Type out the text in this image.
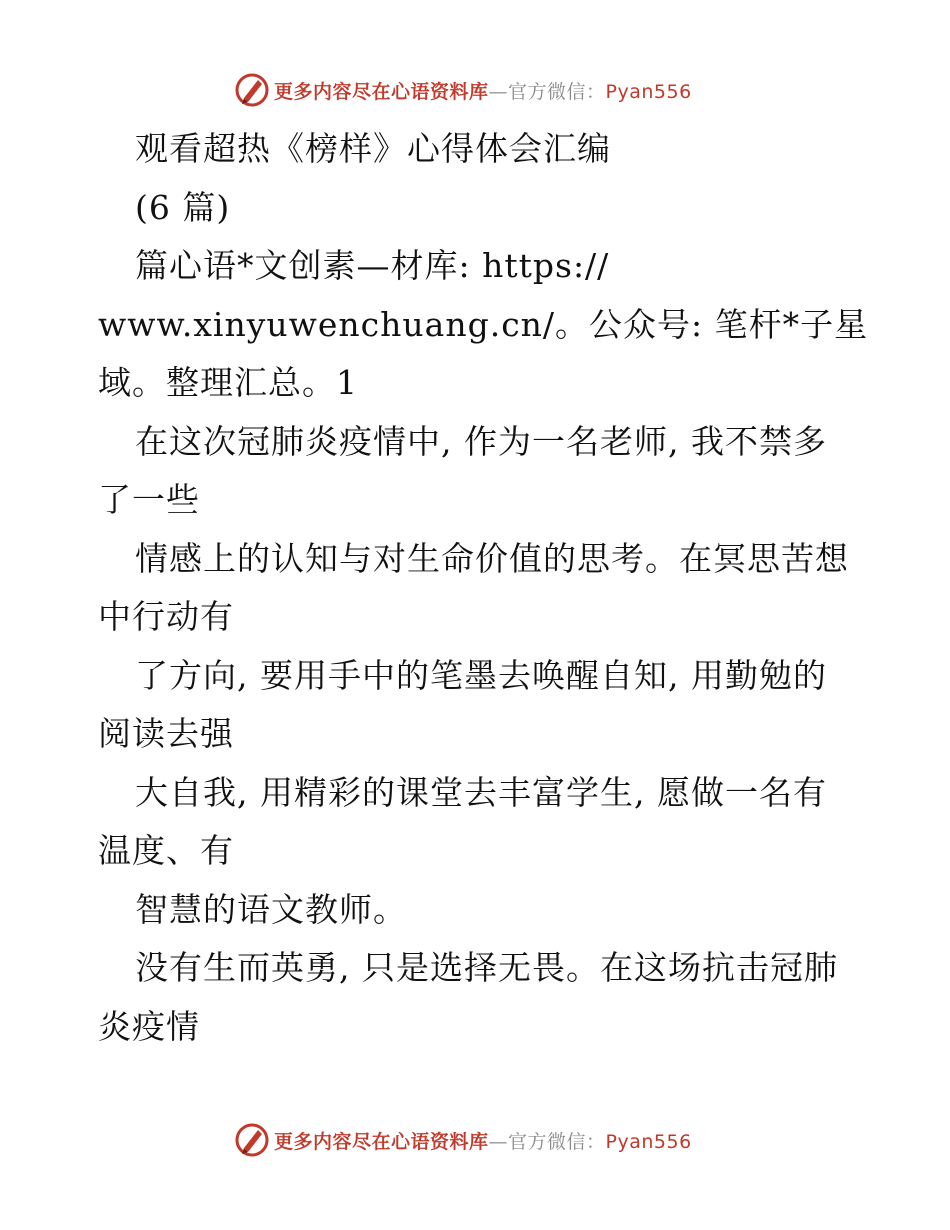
更多内容尽在心语资料库—官方微信：Pyan556
观看超热《榜样》心得体会汇编
(6 篇)
篇心语*文创素—材库: https://
www.xinyuwenchuang.cn/。公众号: 笔杆*子星
域。整理汇总。1
在这次冠肺炎疫情中, 作为一名老师, 我不禁多
了一些
情感上的认知与对生命价值的思考。在冥思苦想
中行动有
了方向, 要用手中的笔墨去唤醒自知, 用勤勉的
阅读去强
大自我, 用精彩的课堂去丰富学生, 愿做一名有
温度、有
智慧的语文教师。
没有生而英勇, 只是选择无畏。在这场抗击冠肺
炎疫情
更多内容尽在心语资料库—官方微信：Pyan556
